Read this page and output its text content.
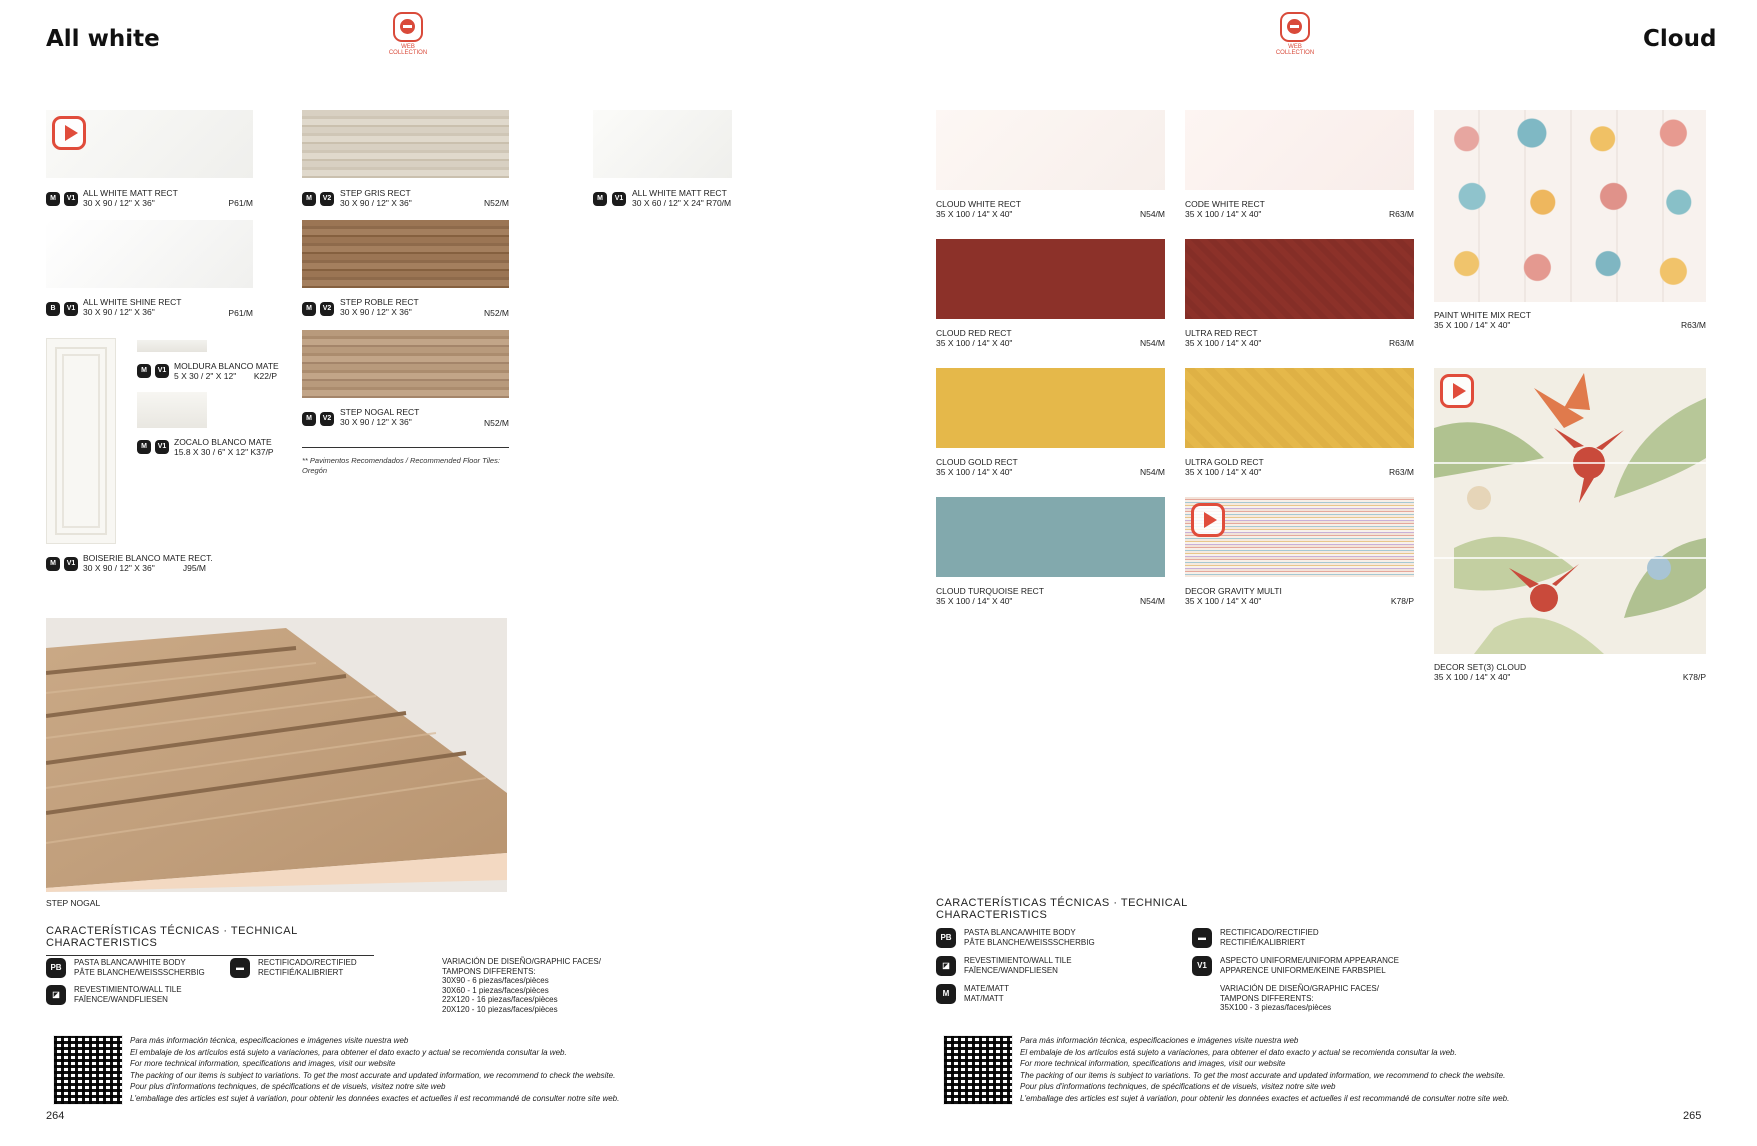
All white	WEB COLLECTION
M	V1
ALL WHITE MATT RECT
30 X 90 / 12" X 36"	P61/M
B	V1
ALL WHITE SHINE RECT
30 X 90 / 12" X 36"	P61/M
M	V1 MOLDURA BLANCO MATE
5 X 30 / 2" X 12"	K22/P
M	V1 ZOCALO BLANCO MATE
15.8 X 30 / 6" X 12" K37/P
M	V1
BOISERIE BLANCO MATE RECT.
30 X 90 / 12" X 36"	J95/M
M	V2
STEP GRIS RECT
30 X 90 / 12" X 36"	N52/M
M	V2
STEP ROBLE RECT
30 X 90 / 12" X 36"	N52/M
M	V2
STEP NOGAL RECT
30 X 90 / 12" X 36"	N52/M
** Pavimentos Recomendados / Recommended Floor Tiles: Oregón
M	V1
ALL WHITE MATT RECT
30 X 60 / 12" X 24" R70/M
STEP NOGAL
CARACTERÍSTICAS TÉCNICAS · TECHNICAL CHARACTERISTICS
PB
PASTA BLANCA/WHITE BODY
PÂTE BLANCHE/WEISSSCHERBIG	▬
RECTIFICADO/RECTIFIED
RECTIFIÉ/KALIBRIERT
◪
REVESTIMIENTO/WALL TILE
FAÏENCE/WANDFLIESEN
VARIACIÓN DE DISEÑO/GRAPHIC FACES/
TAMPONS DIFFERENTS:
30X90 - 6 piezas/faces/pièces
30X60 - 1 piezas/faces/pièces
22X120 - 16 piezas/faces/pièces
20X120 - 10 piezas/faces/pièces
Para más información técnica, especificaciones e imágenes visite nuestra web
El embalaje de los artículos está sujeto a variaciones, para obtener el dato exacto y actual se recomienda consultar la web.
For more technical information, specifications and images, visit our website
The packing of our items is subject to variations. To get the most accurate and updated information, we recommend to check the website.
Pour plus d'informations techniques, de spécifications et de visuels, visitez notre site web
L'emballage des articles est sujet à variation, pour obtenir les données exactes et actuelles il est recommandé de consulter notre site web.
264
WEB COLLECTION
Cloud
CLOUD WHITE RECT
35 X 100 / 14" X 40"	N54/M
CLOUD RED RECT
35 X 100 / 14" X 40"	N54/M
CLOUD GOLD RECT
35 X 100 / 14" X 40"	N54/M
CLOUD TURQUOISE RECT
35 X 100 / 14" X 40"	N54/M
CODE WHITE RECT
35 X 100 / 14" X 40"	R63/M
ULTRA RED RECT
35 X 100 / 14" X 40"	R63/M
ULTRA GOLD RECT
35 X 100 / 14" X 40"	R63/M
DECOR GRAVITY MULTI
35 X 100 / 14" X 40"	K78/P
PAINT WHITE MIX RECT
35 X 100 / 14" X 40"	R63/M
DECOR SET(3) CLOUD
35 X 100 / 14" X 40"	K78/P
CARACTERÍSTICAS TÉCNICAS · TECHNICAL CHARACTERISTICS
PB
PASTA BLANCA/WHITE BODY
PÂTE BLANCHE/WEISSSCHERBIG	▬
RECTIFICADO/RECTIFIED
RECTIFIÉ/KALIBRIERT
◪
REVESTIMIENTO/WALL TILE
FAÏENCE/WANDFLIESEN	V1
ASPECTO UNIFORME/UNIFORM APPEARANCE
APPARENCE UNIFORME/KEINE FARBSPIEL
M
MATE/MATT
MAT/MATT
VARIACIÓN DE DISEÑO/GRAPHIC FACES/
TAMPONS DIFFERENTS:
35X100 - 3 piezas/faces/pièces
Para más información técnica, especificaciones e imágenes visite nuestra web
El embalaje de los artículos está sujeto a variaciones, para obtener el dato exacto y actual se recomienda consultar la web.
For more technical information, specifications and images, visit our website
The packing of our items is subject to variations. To get the most accurate and updated information, we recommend to check the website.
Pour plus d'informations techniques, de spécifications et de visuels, visitez notre site web
L'emballage des articles est sujet à variation, pour obtenir les données exactes et actuelles il est recommandé de consulter notre site web.
265
